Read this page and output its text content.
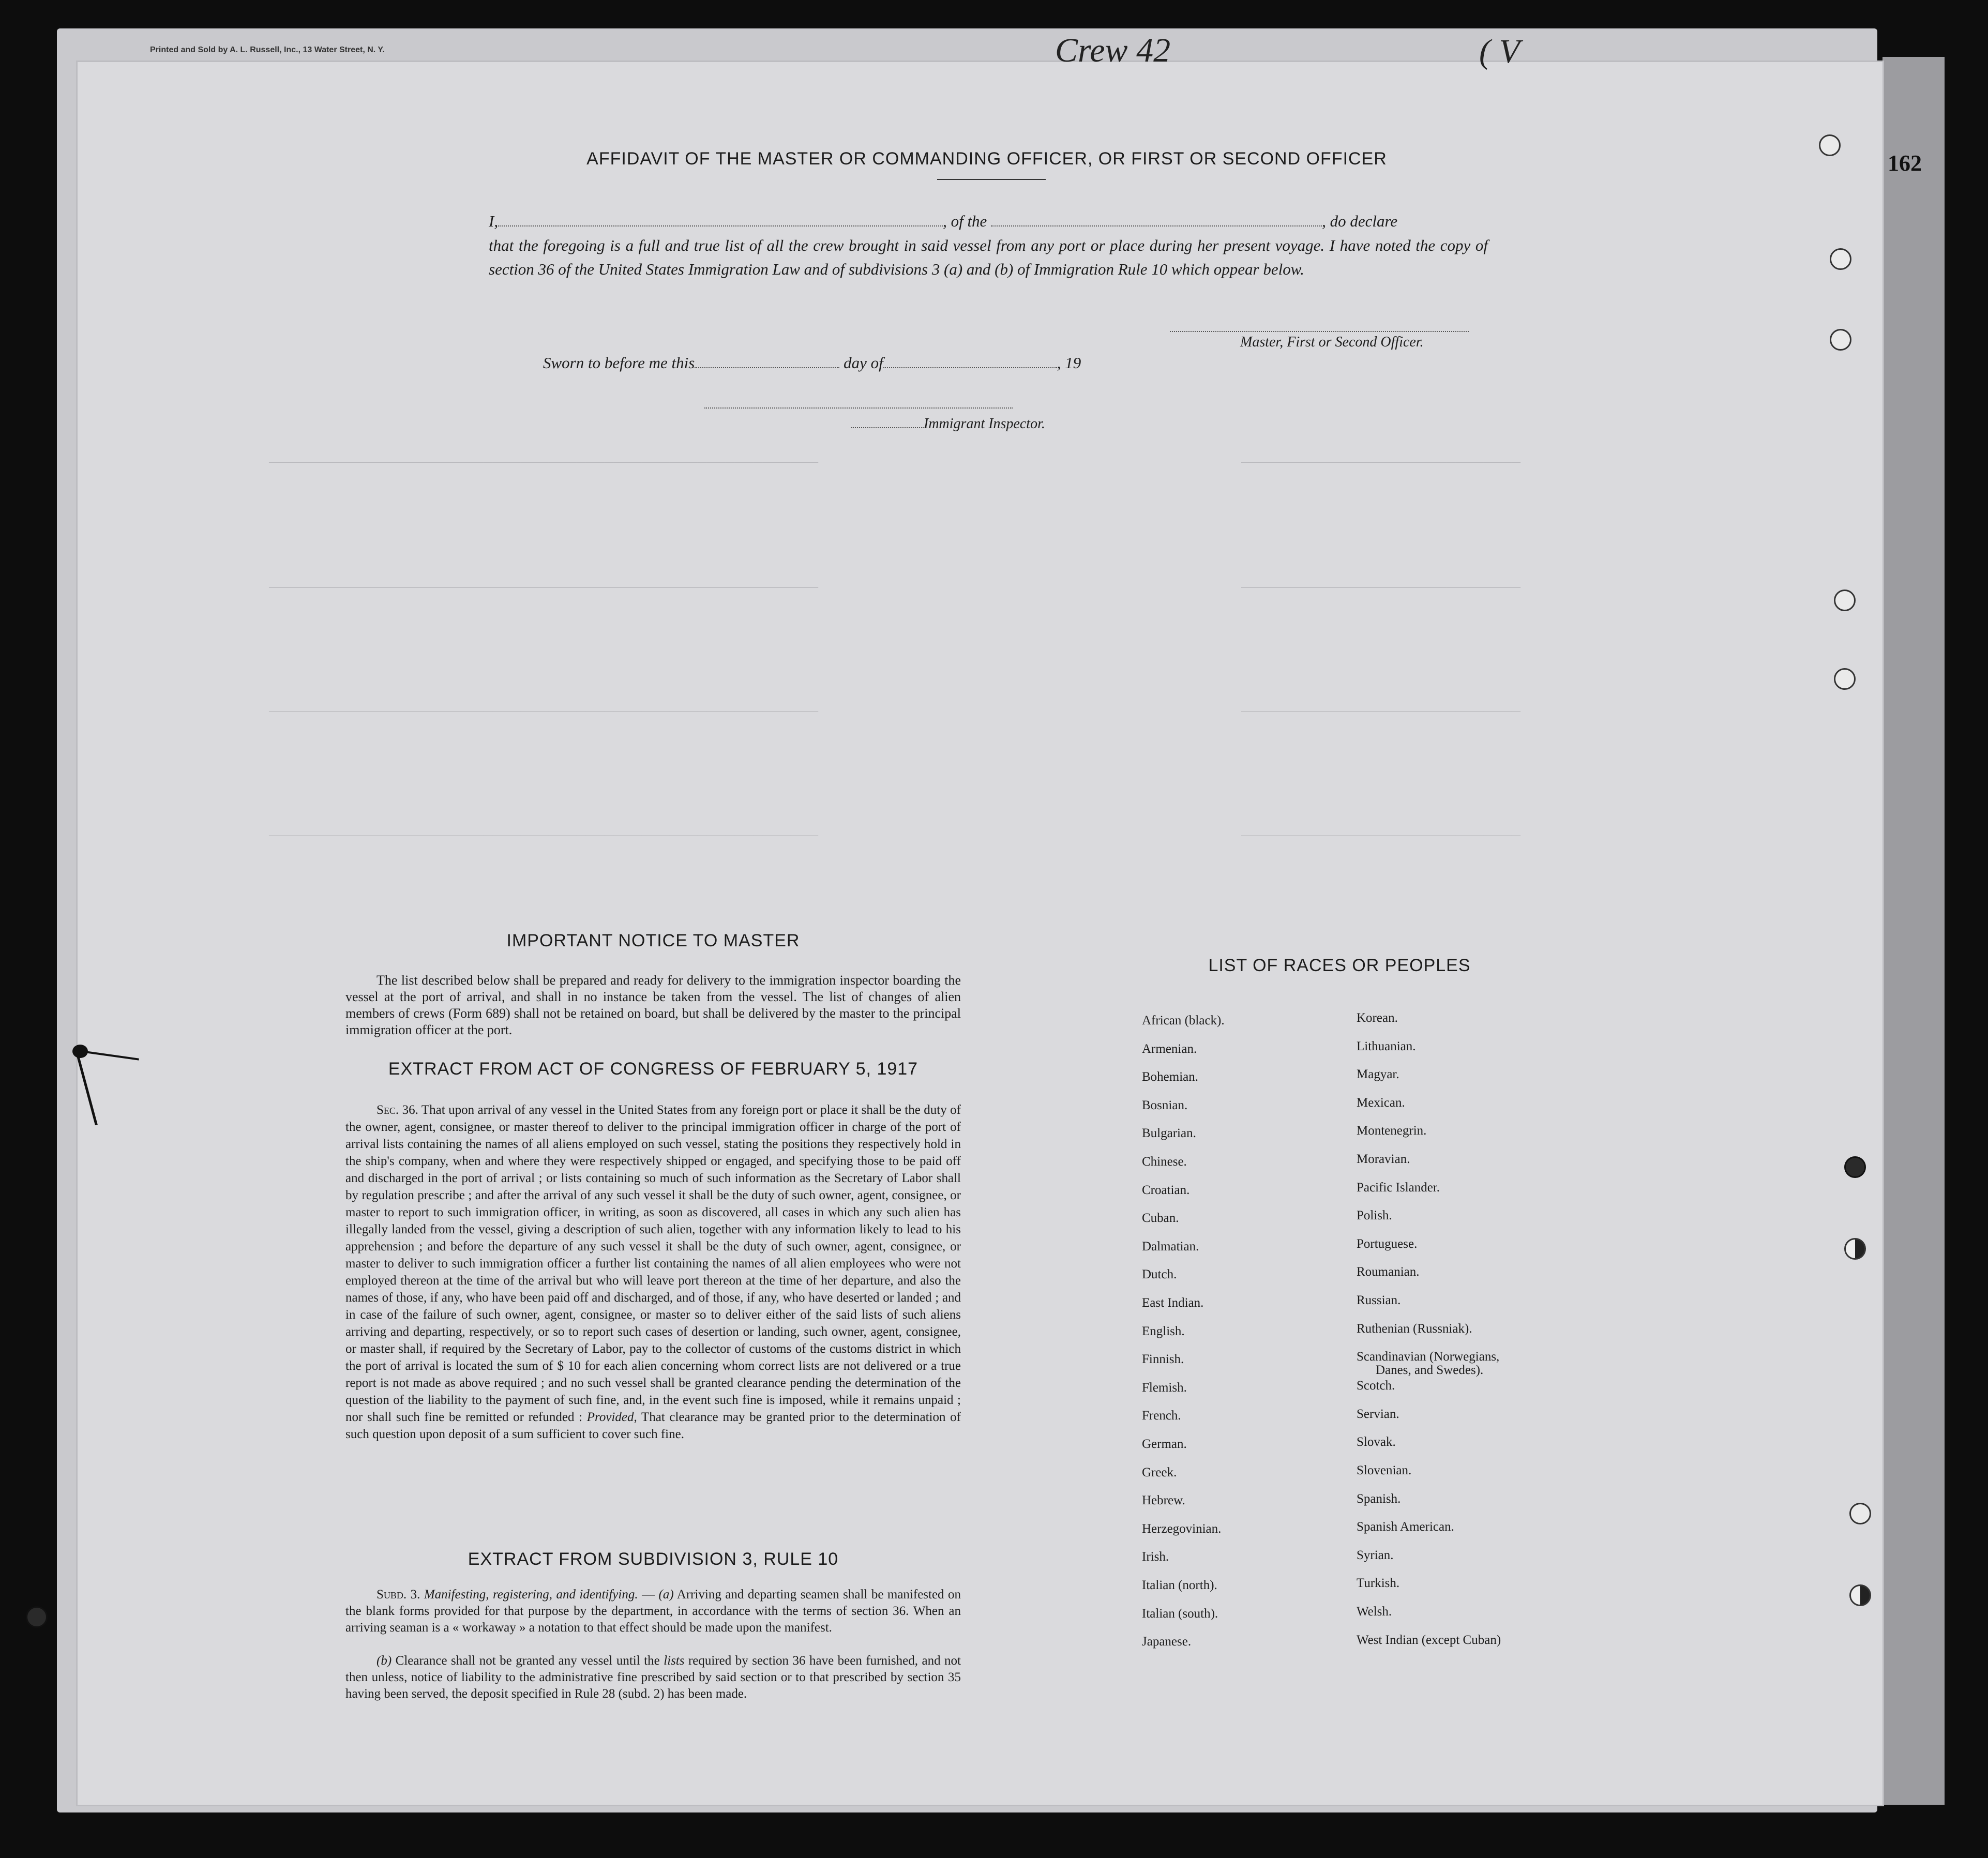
162
Printed and Sold by A. L. Russell, Inc., 13 Water Street, N. Y.	Crew 42	( V
___________________________________________________________
___________________________________________________________
___________________________________________________________
___________________________________________________________
______________________________
______________________________
______________________________
______________________________
AFFIDAVIT OF THE MASTER OR COMMANDING OFFICER, OR FIRST OR SECOND OFFICER
I,	, of the	, do declare
that the foregoing is a full and true list of all the crew brought in said vessel from any port or place during her present voyage. I have noted the copy of section 36 of the United States Immigration Law and of subdivisions 3 (a) and (b) of Immigration Rule 10 which oppear below.
Master, First or Second Officer.
Sworn to before me this	day of	, 19
Immigrant Inspector.
IMPORTANT NOTICE TO MASTER
The list described below shall be prepared and ready for delivery to the immigration inspector boarding the vessel at the port of arrival, and shall in no instance be taken from the vessel. The list of changes of alien members of crews (Form 689) shall not be retained on board, but shall be delivered by the master to the principal immigration officer at the port.
EXTRACT FROM ACT OF CONGRESS OF FEBRUARY 5, 1917
Sec. 36. That upon arrival of any vessel in the United States from any foreign port or place it shall be the duty of the owner, agent, consignee, or master thereof to deliver to the principal immigration officer in charge of the port of arrival lists containing the names of all aliens employed on such vessel, stating the positions they respectively hold in the ship's company, when and where they were respectively shipped or engaged, and specifying those to be paid off and discharged in the port of arrival ; or lists containing so much of such information as the Secretary of Labor shall by regulation prescribe ; and after the arrival of any such vessel it shall be the duty of such owner, agent, consignee, or master to report to such immigration officer, in writing, as soon as discovered, all cases in which any such alien has illegally landed from the vessel, giving a description of such alien, together with any information likely to lead to his apprehension ; and before the departure of any such vessel it shall be the duty of such owner, agent, consignee, or master to deliver to such immigration officer a further list containing the names of all alien employees who were not employed thereon at the time of the arrival but who will leave port thereon at the time of her departure, and also the names of those, if any, who have been paid off and discharged, and of those, if any, who have deserted or landed ; and in case of the failure of such owner, agent, consignee, or master so to deliver either of the said lists of such aliens arriving and departing, respectively, or so to report such cases of desertion or landing, such owner, agent, consignee, or master shall, if required by the Secretary of Labor, pay to the collector of customs of the customs district in which the port of arrival is located the sum of $ 10 for each alien concerning whom correct lists are not delivered or a true report is not made as above required ; and no such vessel shall be granted clearance pending the determination of the question of the liability to the payment of such fine, and, in the event such fine is imposed, while it remains unpaid ; nor shall such fine be remitted or refunded : Provided, That clearance may be granted prior to the determination of such question upon deposit of a sum sufficient to cover such fine.
EXTRACT FROM SUBDIVISION 3, RULE 10
Subd. 3. Manifesting, registering, and identifying. — (a) Arriving and departing seamen shall be manifested on the blank forms provided for that purpose by the department, in accordance with the terms of section 36. When an arriving seaman is a « workaway » a notation to that effect should be made upon the manifest.
(b) Clearance shall not be granted any vessel until the lists required by section 36 have been furnished, and not then unless, notice of liability to the administrative fine prescribed by said section or to that prescribed by section 35 having been served, the deposit specified in Rule 28 (subd. 2) has been made.
LIST OF RACES OR PEOPLES
African (black).
Armenian.
Bohemian.
Bosnian.
Bulgarian.
Chinese.
Croatian.
Cuban.
Dalmatian.
Dutch.
East Indian.
English.
Finnish.
Flemish.
French.
German.
Greek.
Hebrew.
Herzegovinian.
Irish.
Italian (north).
Italian (south).
Japanese.
Korean.
Lithuanian.
Magyar.
Mexican.
Montenegrin.
Moravian.
Pacific Islander.
Polish.
Portuguese.
Roumanian.
Russian.
Ruthenian (Russniak).
Scandinavian (Norwegians,
Danes, and Swedes).
Scotch.
Servian.
Slovak.
Slovenian.
Spanish.
Spanish American.
Syrian.
Turkish.
Welsh.
West Indian (except Cuban)
